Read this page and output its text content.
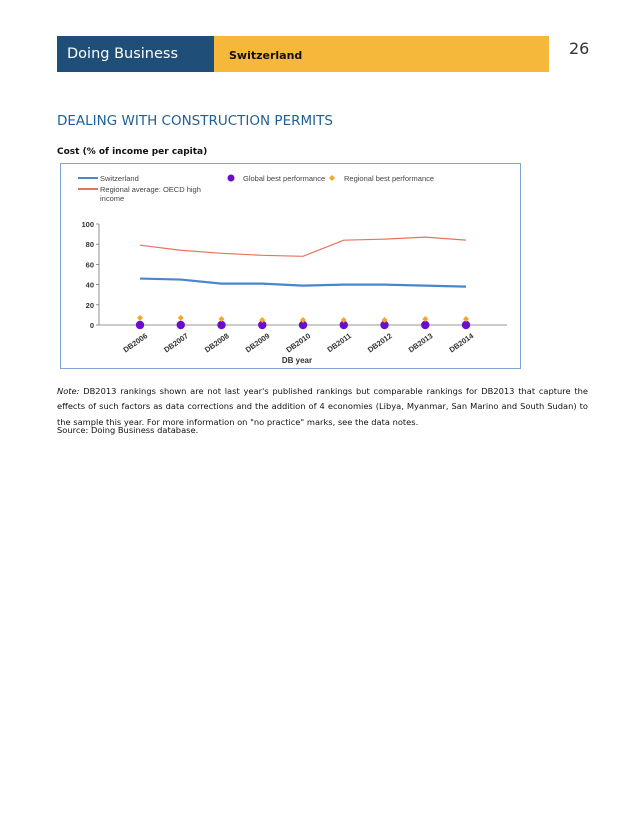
Doing Business 2014
Switzerland	26
DEALING WITH CONSTRUCTION PERMITS
Cost (% of income per capita)
Switzerland
Regional average: OECD high income
Global best performance	Regional best performance
0
20
40
60
80
100
DB2006 DB2007 DB2008 DB2009 DB2010 DB2011 DB2012 DB2013 DB2014
DB year
Note: DB2013 rankings shown are not last year's published rankings but comparable rankings for DB2013 that capture the effects of such factors as data corrections and the addition of 4 economies (Libya, Myanmar, San Marino and South Sudan) to the sample this year. For more information on "no practice" marks, see the data notes.
Source: Doing Business database.
